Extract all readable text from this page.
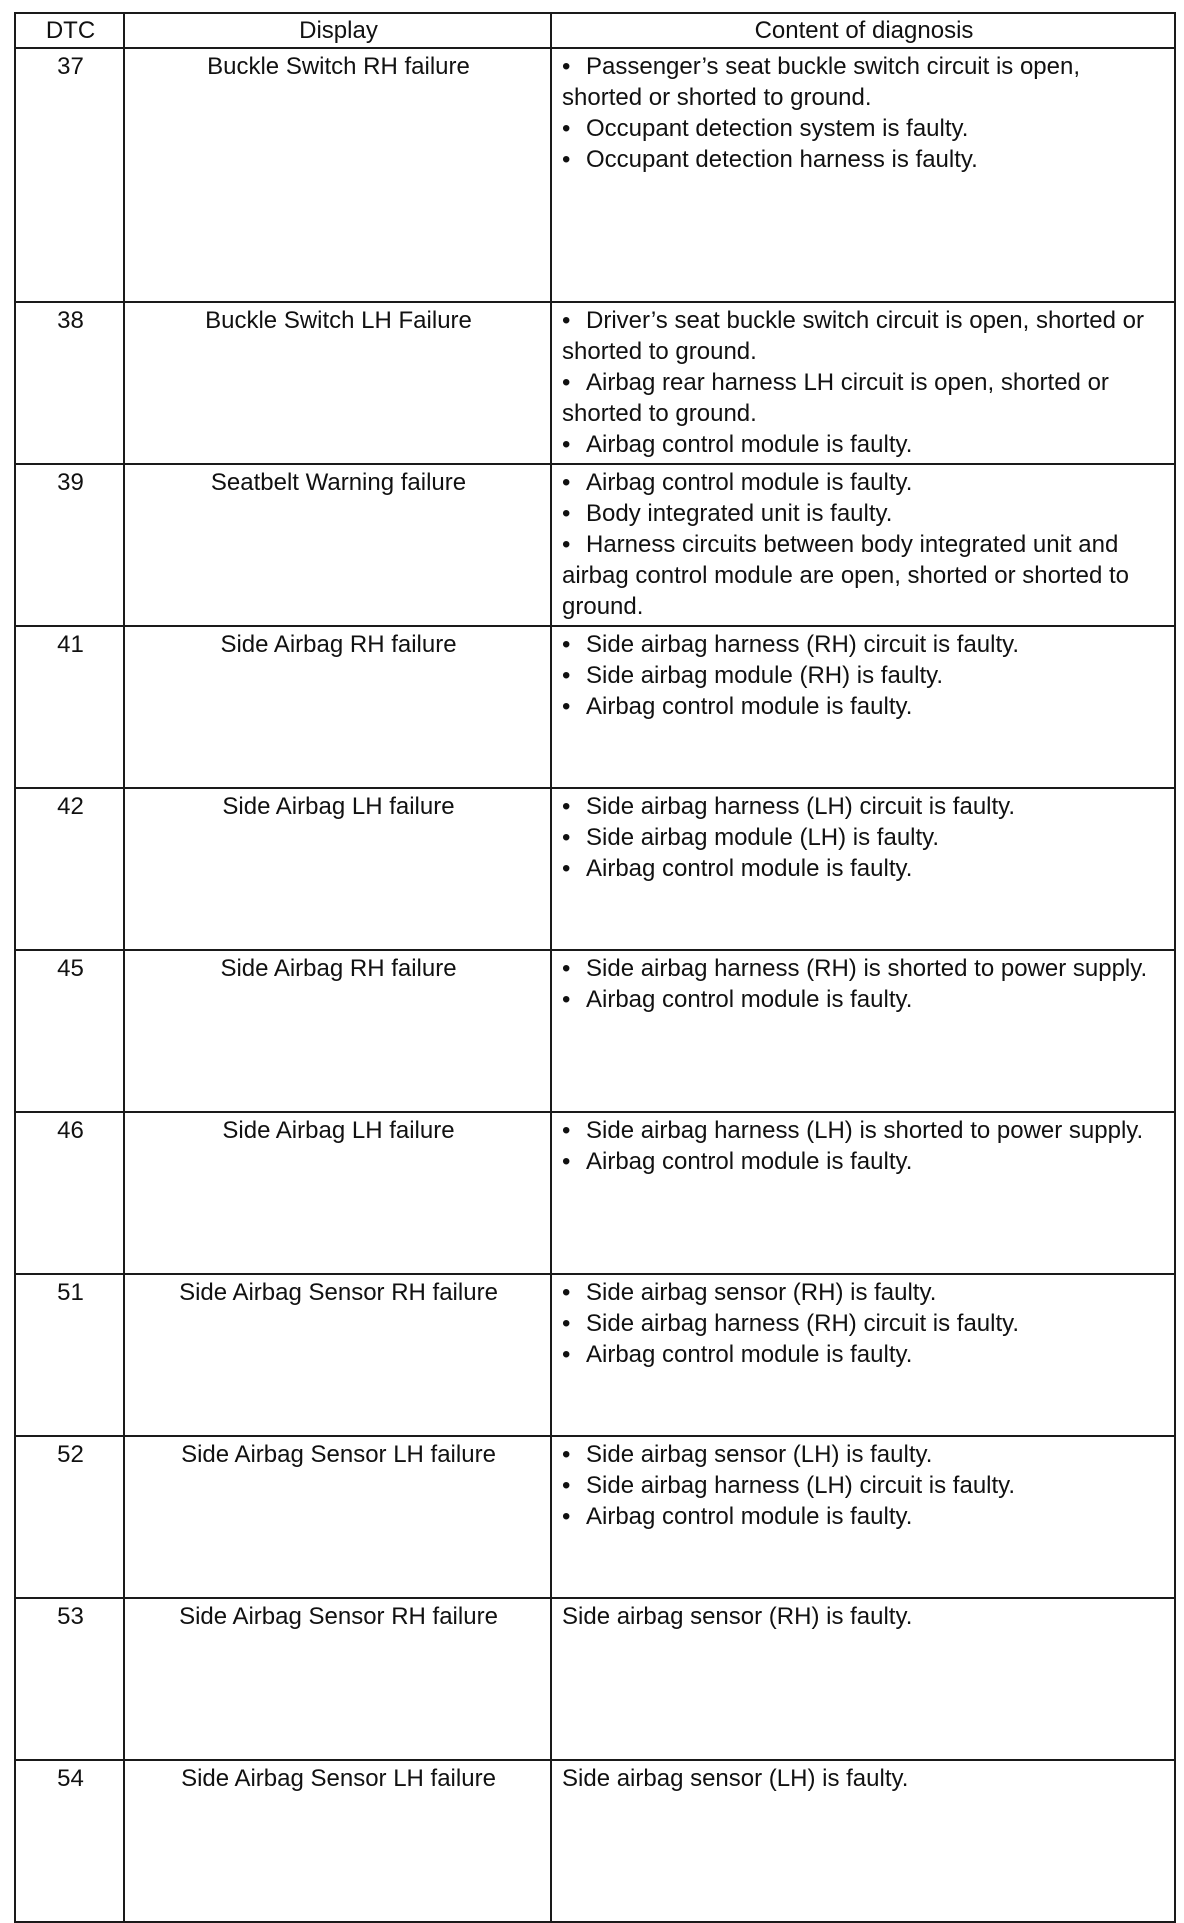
DTC	Display	Content of diagnosis
37	Buckle Switch RH failure	• Passenger’s seat buckle switch circuit is open, shorted or shorted to ground.
• Occupant detection system is faulty.
• Occupant detection harness is faulty.

38	Buckle Switch LH Failure	• Driver’s seat buckle switch circuit is open, shorted or shorted to ground.
• Airbag rear harness LH circuit is open, shorted or shorted to ground.
• Airbag control module is faulty.

39	Seatbelt Warning failure	• Airbag control module is faulty.
• Body integrated unit is faulty.
• Harness circuits between body integrated unit and airbag control module are open, shorted or shorted to ground.

41	Side Airbag RH failure	• Side airbag harness (RH) circuit is faulty.
• Side airbag module (RH) is faulty.
• Airbag control module is faulty.

42	Side Airbag LH failure	• Side airbag harness (LH) circuit is faulty.
• Side airbag module (LH) is faulty.
• Airbag control module is faulty.

45	Side Airbag RH failure	• Side airbag harness (RH) is shorted to power supply.
• Airbag control module is faulty.

46	Side Airbag LH failure	• Side airbag harness (LH) is shorted to power supply.
• Airbag control module is faulty.

51	Side Airbag Sensor RH failure	• Side airbag sensor (RH) is faulty.
• Side airbag harness (RH) circuit is faulty.
• Airbag control module is faulty.

52	Side Airbag Sensor LH failure	• Side airbag sensor (LH) is faulty.
• Side airbag harness (LH) circuit is faulty.
• Airbag control module is faulty.

53	Side Airbag Sensor RH failure	Side airbag sensor (RH) is faulty.
54	Side Airbag Sensor LH failure	Side airbag sensor (LH) is faulty.
